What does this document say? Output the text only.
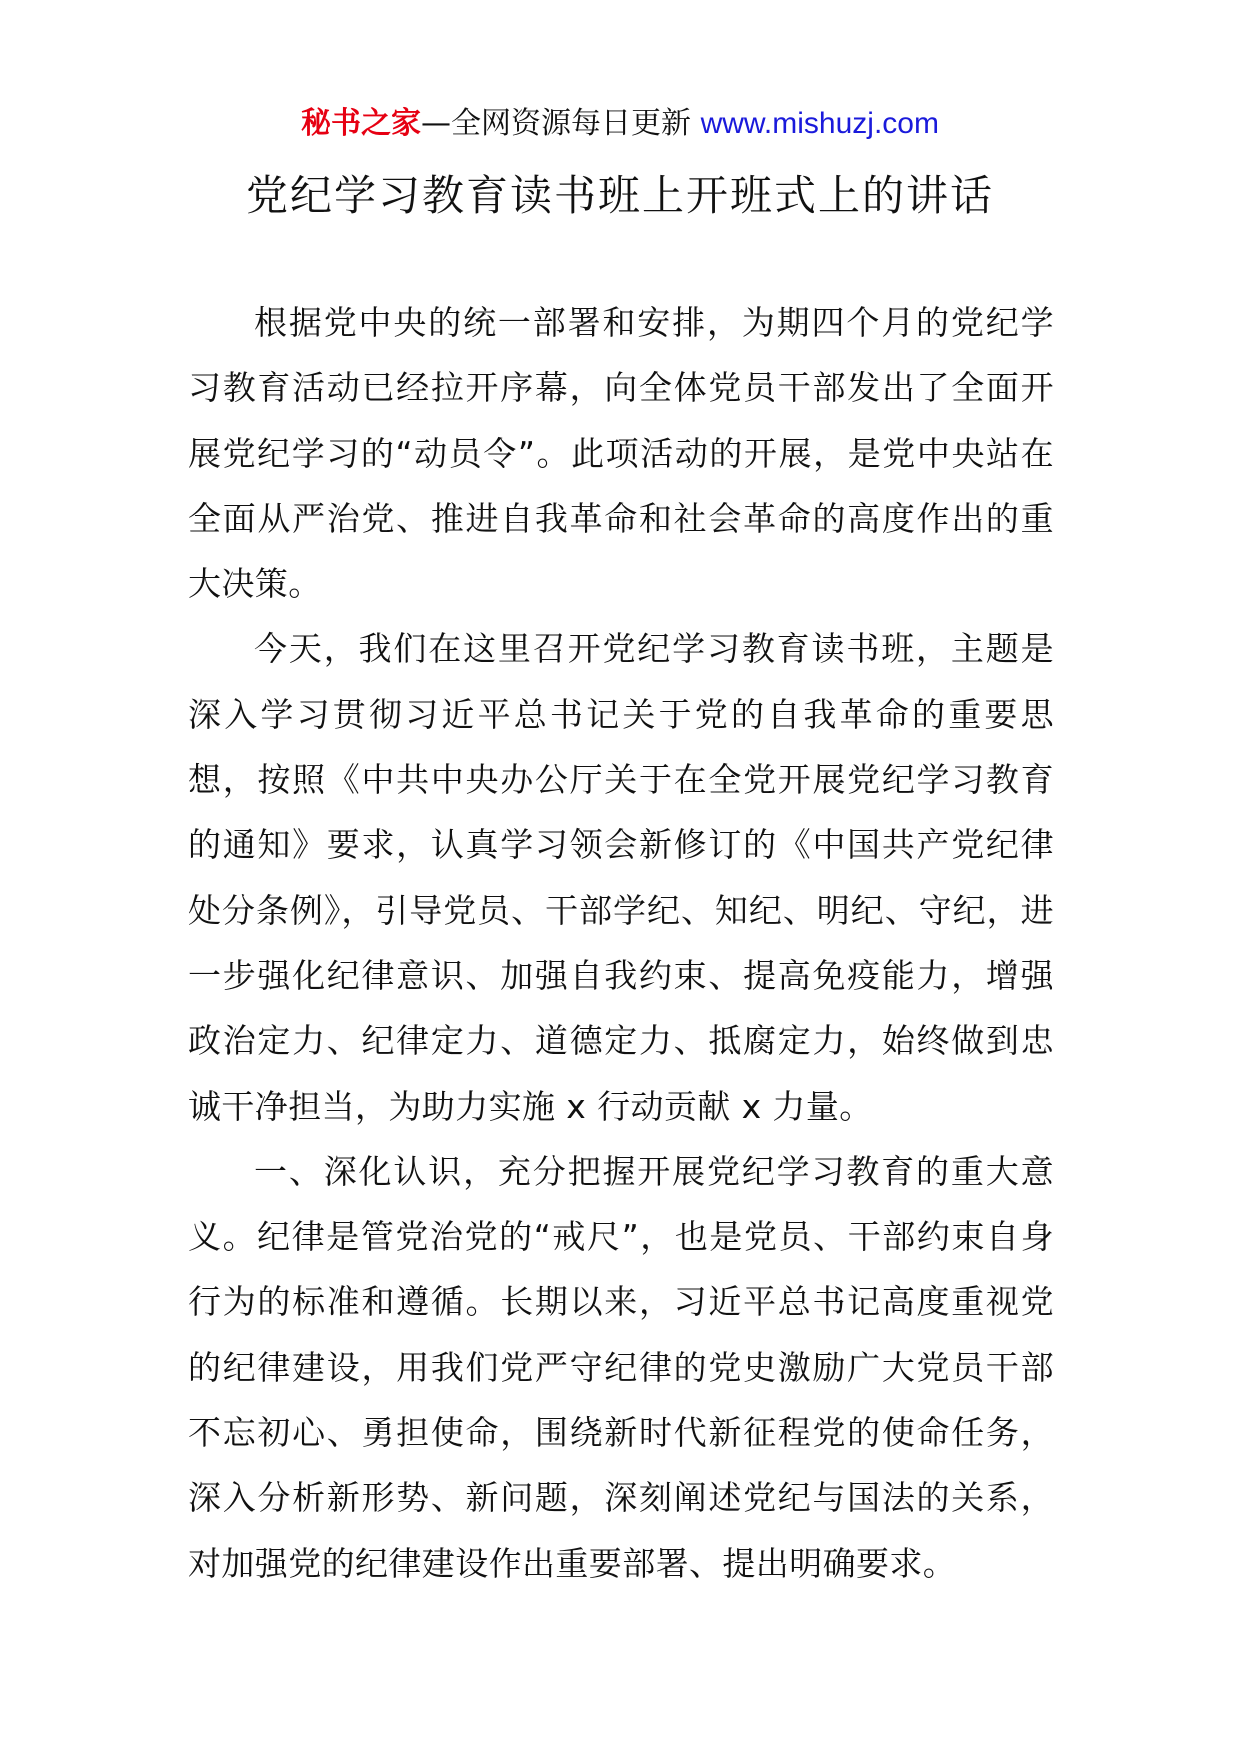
秘书之家—全网资源每日更新 www.mishuzj.com
党纪学习教育读书班上开班式上的讲话

根据党中央的统一部署和安排，为期四个月的党纪学习教育活动已经拉开序幕，向全体党员干部发出了全面开展党纪学习的“动员令”。此项活动的开展，是党中央站在全面从严治党、推进自我革命和社会革命的高度作出的重大决策。

今天，我们在这里召开党纪学习教育读书班，主题是深入学习贯彻习近平总书记关于党的自我革命的重要思想，按照《中共中央办公厅关于在全党开展党纪学习教育的通知》要求，认真学习领会新修订的《中国共产党纪律处分条例》，引导党员、干部学纪、知纪、明纪、守纪，进一步强化纪律意识、加强自我约束、提高免疫能力，增强政治定力、纪律定力、道德定力、抵腐定力，始终做到忠诚干净担当，为助力实施 x 行动贡献 x 力量。

一、深化认识，充分把握开展党纪学习教育的重大意义。纪律是管党治党的“戒尺”，也是党员、干部约束自身行为的标准和遵循。长期以来，习近平总书记高度重视党的纪律建设，用我们党严守纪律的党史激励广大党员干部不忘初心、勇担使命，围绕新时代新征程党的使命任务，深入分析新形势、新问题，深刻阐述党纪与国法的关系，对加强党的纪律建设作出重要部署、提出明确要求。
